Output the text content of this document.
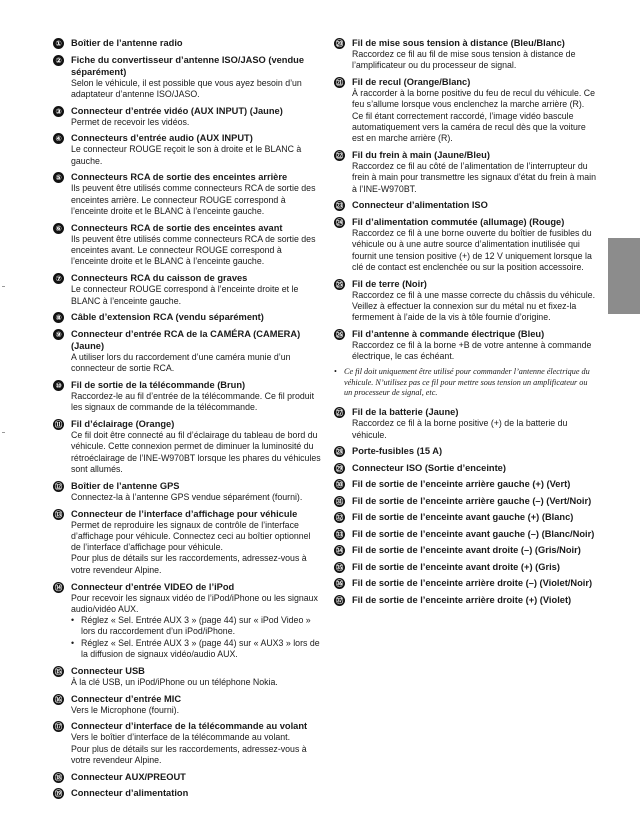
① Boîtier de l’antenne radio
② Fiche du convertisseur d’antenne ISO/JASO (vendue séparément)

Selon le véhicule, il est possible que vous ayez besoin d’un adaptateur d’antenne ISO/JASO.

③ Connecteur d’entrée vidéo (AUX INPUT) (Jaune)

Permet de recevoir les vidéos.

④ Connecteurs d’entrée audio (AUX INPUT)

Le connecteur ROUGE reçoit le son à droite et le BLANC à gauche.

⑤ Connecteurs RCA de sortie des enceintes arrière

Ils peuvent être utilisés comme connecteurs RCA de sortie des enceintes arrière. Le connecteur ROUGE correspond à l’enceinte droite et le BLANC à l’enceinte gauche.

⑥ Connecteurs RCA de sortie des enceintes avant

Ils peuvent être utilisés comme connecteurs RCA de sortie des enceintes avant. Le connecteur ROUGE correspond à l’enceinte droite et le BLANC à l’enceinte gauche.

⑦ Connecteurs RCA du caisson de graves

Le connecteur ROUGE correspond à l’enceinte droite et le BLANC à l’enceinte gauche.

⑧ Câble d’extension RCA (vendu séparément)
⑨ Connecteur d’entrée RCA de la CAMÉRA (CAMERA) (Jaune)

A utiliser lors du raccordement d’une caméra munie d’un connecteur de sortie RCA.

⑩ Fil de sortie de la télécommande (Brun)

Raccordez-le au fil d’entrée de la télécommande. Ce fil produit les signaux de commande de la télécommande.

⑪ Fil d’éclairage (Orange)

Ce fil doit être connecté au fil d’éclairage du tableau de bord du véhicule. Cette connexion permet de diminuer la luminosité du rétroéclairage de l’INE-W970BT lorsque les phares du véhicules sont allumés.

⑫ Boîtier de l’antenne GPS

Connectez-la à l’antenne GPS vendue séparément (fourni).

⑬ Connecteur de l’interface d’affichage pour véhicule

Permet de reproduire les signaux de contrôle de l’interface d’affichage pour véhicule. Connectez ceci au boîtier optionnel de l’interface d’affichage pour véhicule.

Pour plus de détails sur les raccordements, adressez-vous à votre revendeur Alpine.

⑭ Connecteur d’entrée VIDEO de l’iPod

Pour recevoir les signaux vidéo de l’iPod/iPhone ou les signaux audio/vidéo AUX.

• Réglez « Sel. Entrée AUX 3 » (page 44) sur « iPod Video » lors du raccordement d’un iPod/iPhone.
• Réglez « Sel. Entrée AUX 3 » (page 44) sur « AUX3 » lors de la diffusion de signaux vidéo/audio AUX.
⑮ Connecteur USB

À la clé USB, un iPod/iPhone ou un téléphone Nokia.

⑯ Connecteur d’entrée MIC

Vers le Microphone (fourni).

⑰ Connecteur d’interface de la télécommande au volant

Vers le boîtier d’interface de la télécommande au volant.

Pour plus de détails sur les raccordements, adressez-vous à votre revendeur Alpine.

⑱ Connecteur AUX/PREOUT
⑲ Connecteur d’alimentation
⑳ Fil de mise sous tension à distance (Bleu/Blanc)

Raccordez ce fil au fil de mise sous tension à distance de l’amplificateur ou du processeur de signal.

㉑ Fil de recul (Orange/Blanc)

À raccorder à la borne positive du feu de recul du véhicule. Ce feu s’allume lorsque vous enclenchez la marche arrière (R).

Ce fil étant correctement raccordé, l’image vidéo bascule automatiquement vers la caméra de recul dès que la voiture est en marche arrière (R).

㉒ Fil du frein à main (Jaune/Bleu)

Raccordez ce fil au côté de l’alimentation de l’interrupteur du frein à main pour transmettre les signaux d’état du frein à main à l’INE-W970BT.

㉓ Connecteur d’alimentation ISO
㉔ Fil d’alimentation commutée (allumage) (Rouge)

Raccordez ce fil à une borne ouverte du boîtier de fusibles du véhicule ou à une autre source d’alimentation inutilisée qui fournit une tension positive (+) de 12 V uniquement lorsque la clé de contact est enclenchée ou sur la position accessoire.

㉕ Fil de terre (Noir)

Raccordez ce fil à une masse correcte du châssis du véhicule. Veillez à effectuer la connexion sur du métal nu et fixez-la fermement à l’aide de la vis à tôle fournie d’origine.

㉖ Fil d’antenne à commande électrique (Bleu)

Raccordez ce fil à la borne +B de votre antenne à commande électrique, le cas échéant.

• Ce fil doit uniquement être utilisé pour commander l’antenne électrique du véhicule. N’utilisez pas ce fil pour mettre sous tension un amplificateur ou un processeur de signal, etc.
㉗ Fil de la batterie (Jaune)

Raccordez ce fil à la borne positive (+) de la batterie du véhicule.

㉘ Porte-fusibles (15 A)
㉙ Connecteur ISO (Sortie d’enceinte)
㉚ Fil de sortie de l’enceinte arrière gauche (+) (Vert)
㉛ Fil de sortie de l’enceinte arrière gauche (–) (Vert/Noir)
㉜ Fil de sortie de l’enceinte avant gauche (+) (Blanc)
㉝ Fil de sortie de l’enceinte avant gauche (–) (Blanc/Noir)
㉞ Fil de sortie de l’enceinte avant droite (–) (Gris/Noir)
㉟ Fil de sortie de l’enceinte avant droite (+) (Gris)
㊱ Fil de sortie de l’enceinte arrière droite (–) (Violet/Noir)
㊲ Fil de sortie de l’enceinte arrière droite (+) (Violet)
